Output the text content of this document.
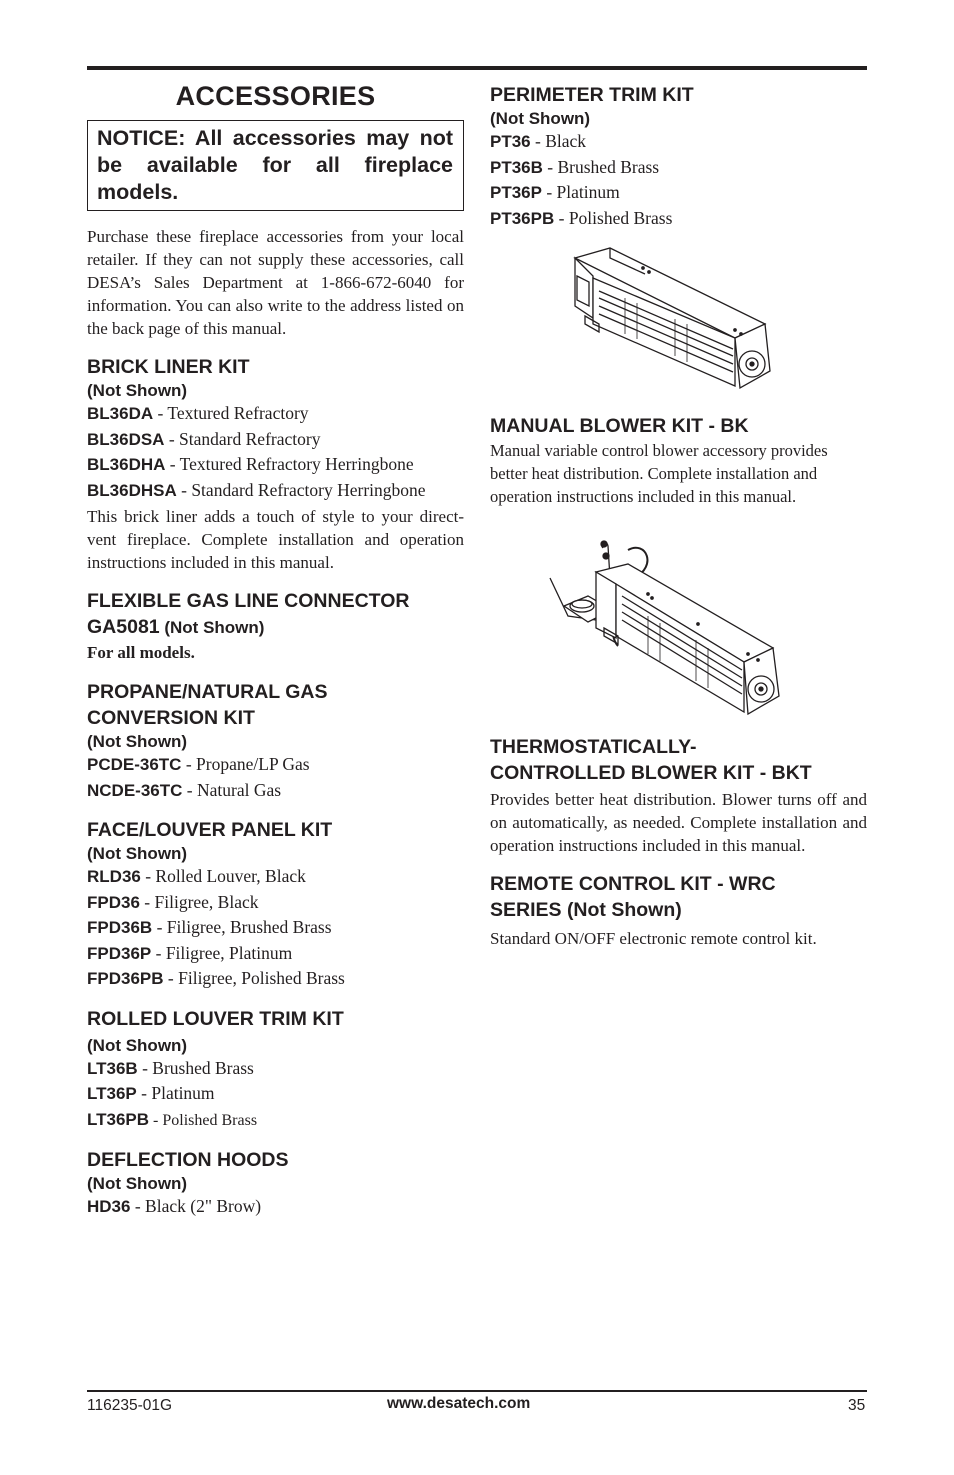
ACCESSORIES
NOTICE: All accessories may not be available for all fireplace models.

Purchase these fireplace accessories from your local retailer. If they can not supply these accessories, call DESA’s Sales Department at 1-866-672-6040 for information. You can also write to the address listed on the back page of this manual.

BRICK LINER KIT

(Not Shown)

BL36DA - Textured Refractory

BL36DSA - Standard Refractory

BL36DHA - Textured Refractory Herringbone

BL36DHSA - Standard Refractory Herringbone

This brick liner adds a touch of style to your direct-vent fireplace. Complete installation and operation instructions included in this manual.

FLEXIBLE GAS LINE CONNECTOR

GA5081 (Not Shown)

For all models.

PROPANE/NATURAL GAS

CONVERSION KIT

(Not Shown)

PCDE-36TC - Propane/LP Gas

NCDE-36TC - Natural Gas

FACE/LOUVER PANEL KIT

(Not Shown)

RLD36 - Rolled Louver, Black

FPD36 - Filigree, Black

FPD36B - Filigree, Brushed Brass

FPD36P - Filigree, Platinum

FPD36PB - Filigree, Polished Brass

ROLLED LOUVER TRIM KIT

(Not Shown)

LT36B - Brushed Brass

LT36P - Platinum

LT36PB - Polished Brass

DEFLECTION HOODS

(Not Shown)

HD36 - Black (2" Brow)

PERIMETER TRIM KIT

(Not Shown)

PT36 - Black

PT36B - Brushed Brass

PT36P - Platinum

PT36PB - Polished Brass

MANUAL BLOWER KIT - BK

Manual variable control blower accessory provides better heat distribution. Complete installation and operation instructions included in this manual.

THERMOSTATICALLY-

CONTROLLED BLOWER KIT - BKT

Provides better heat distribution. Blower turns off and on automatically, as needed. Complete installation and operation instructions included in this manual.

REMOTE CONTROL KIT - WRC

SERIES (Not Shown)

Standard ON/OFF electronic remote control kit.

116235-01G	www.desatech.com	35
